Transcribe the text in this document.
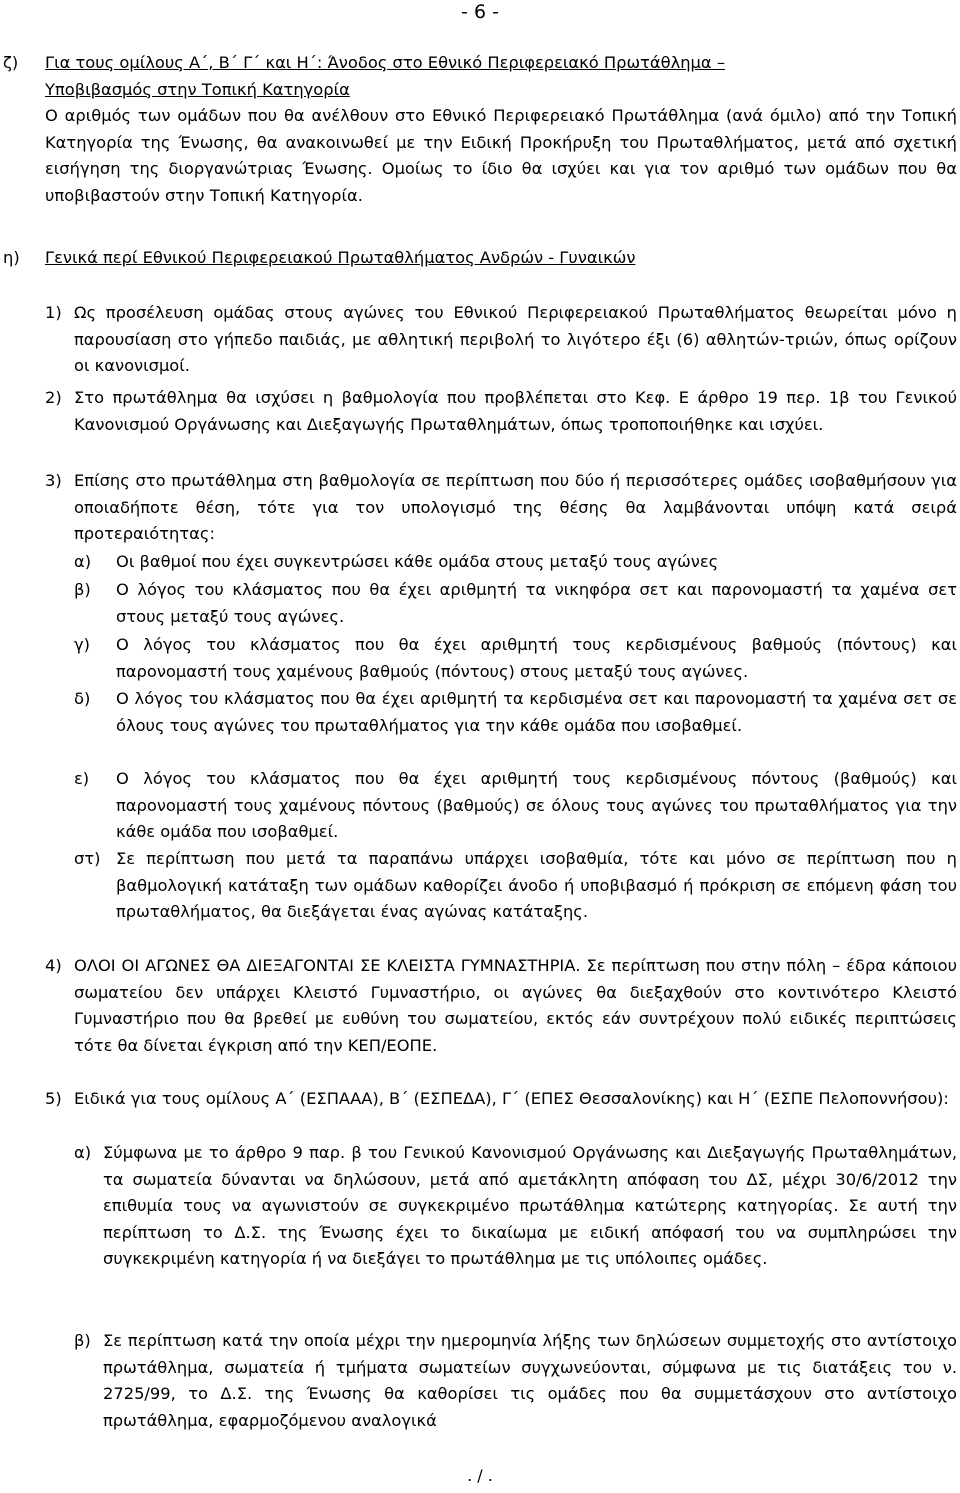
- 6 -
ζ) Για τους ομίλους Α΄, Β΄ Γ΄ και Η΄: Άνοδος στο Εθνικό Περιφερειακό Πρωτάθλημα –
Υποβιβασμός στην Τοπική Κατηγορία
Ο αριθμός των ομάδων που θα ανέλθουν στο Εθνικό Περιφερειακό Πρωτάθλημα (ανά όμιλο) από την Τοπική Κατηγορία της Ένωσης, θα ανακοινωθεί με την Ειδική Προκήρυξη του Πρωταθλήματος, μετά από σχετική εισήγηση της διοργανώτριας Ένωσης. Ομοίως το ίδιο θα ισχύει και για τον αριθμό των ομάδων που θα υποβιβαστούν στην Τοπική Κατηγορία.
η) Γενικά περί Εθνικού Περιφερειακού Πρωταθλήματος Ανδρών - Γυναικών
1) Ως προσέλευση ομάδας στους αγώνες του Εθνικού Περιφερειακού Πρωταθλήματος θεωρείται μόνο η παρουσίαση στο γήπεδο παιδιάς, με αθλητική περιβολή το λιγότερο έξι (6) αθλητών-τριών, όπως ορίζουν οι κανονισμοί.
2) Στο πρωτάθλημα θα ισχύσει η βαθμολογία που προβλέπεται στο Κεφ. Ε άρθρο 19 περ. 1β του Γενικού Κανονισμού Οργάνωσης και Διεξαγωγής Πρωταθλημάτων, όπως τροποποιήθηκε και ισχύει.
3) Επίσης στο πρωτάθλημα στη βαθμολογία σε περίπτωση που δύο ή περισσότερες ομάδες ισοβαθμήσουν για οποιαδήποτε θέση, τότε για τον υπολογισμό της θέσης θα λαμβάνονται υπόψη κατά σειρά προτεραιότητας:
α) Οι βαθμοί που έχει συγκεντρώσει κάθε ομάδα στους μεταξύ τους αγώνες
β) Ο λόγος του κλάσματος που θα έχει αριθμητή τα νικηφόρα σετ και παρονομαστή τα χαμένα σετ στους μεταξύ τους αγώνες.
γ) Ο λόγος του κλάσματος που θα έχει αριθμητή τους κερδισμένους βαθμούς (πόντους) και παρονομαστή τους χαμένους βαθμούς (πόντους) στους μεταξύ τους αγώνες.
δ) Ο λόγος του κλάσματος που θα έχει αριθμητή τα κερδισμένα σετ και παρονομαστή τα χαμένα σετ σε όλους τους αγώνες του πρωταθλήματος για την κάθε ομάδα που ισοβαθμεί.
ε) Ο λόγος του κλάσματος που θα έχει αριθμητή τους κερδισμένους πόντους (βαθμούς) και παρονομαστή τους χαμένους πόντους (βαθμούς) σε όλους τους αγώνες του πρωταθλήματος για την κάθε ομάδα που ισοβαθμεί.
στ) Σε περίπτωση που μετά τα παραπάνω υπάρχει ισοβαθμία, τότε και μόνο σε περίπτωση που η βαθμολογική κατάταξη των ομάδων καθορίζει άνοδο ή υποβιβασμό ή πρόκριση σε επόμενη φάση του πρωταθλήματος, θα διεξάγεται ένας αγώνας κατάταξης.
4) ΟΛΟΙ ΟΙ ΑΓΩΝΕΣ ΘΑ ΔΙΕΞΑΓΟΝΤΑΙ ΣΕ ΚΛΕΙΣΤΑ ΓΥΜΝΑΣΤΗΡΙΑ. Σε περίπτωση που στην πόλη – έδρα κάποιου σωματείου δεν υπάρχει Κλειστό Γυμναστήριο, οι αγώνες θα διεξαχθούν στο κοντινότερο Κλειστό Γυμναστήριο που θα βρεθεί με ευθύνη του σωματείου, εκτός εάν συντρέχουν πολύ ειδικές περιπτώσεις τότε θα δίνεται έγκριση από την ΚΕΠ/ΕΟΠΕ.
5) Ειδικά για τους ομίλους Α΄ (ΕΣΠΑΑΑ), Β΄ (ΕΣΠΕΔΑ), Γ΄ (ΕΠΕΣ Θεσσαλονίκης) και Η΄ (ΕΣΠΕ Πελοποννήσου):
α) Σύμφωνα με το άρθρο 9 παρ. β του Γενικού Κανονισμού Οργάνωσης και Διεξαγωγής Πρωταθλημάτων, τα σωματεία δύνανται να δηλώσουν, μετά από αμετάκλητη απόφαση του ΔΣ, μέχρι 30/6/2012 την επιθυμία τους να αγωνιστούν σε συγκεκριμένο πρωτάθλημα κατώτερης κατηγορίας. Σε αυτή την περίπτωση το Δ.Σ. της Ένωσης έχει το δικαίωμα με ειδική απόφασή του να συμπληρώσει την συγκεκριμένη κατηγορία ή να διεξάγει το πρωτάθλημα με τις υπόλοιπες ομάδες.
β) Σε περίπτωση κατά την οποία μέχρι την ημερομηνία λήξης των δηλώσεων συμμετοχής στο αντίστοιχο πρωτάθλημα, σωματεία ή τμήματα σωματείων συγχωνεύονται, σύμφωνα με τις διατάξεις του ν. 2725/99, το Δ.Σ. της Ένωσης θα καθορίσει τις ομάδες που θα συμμετάσχουν στο αντίστοιχο πρωτάθλημα, εφαρμοζόμενου αναλογικά
. / .
